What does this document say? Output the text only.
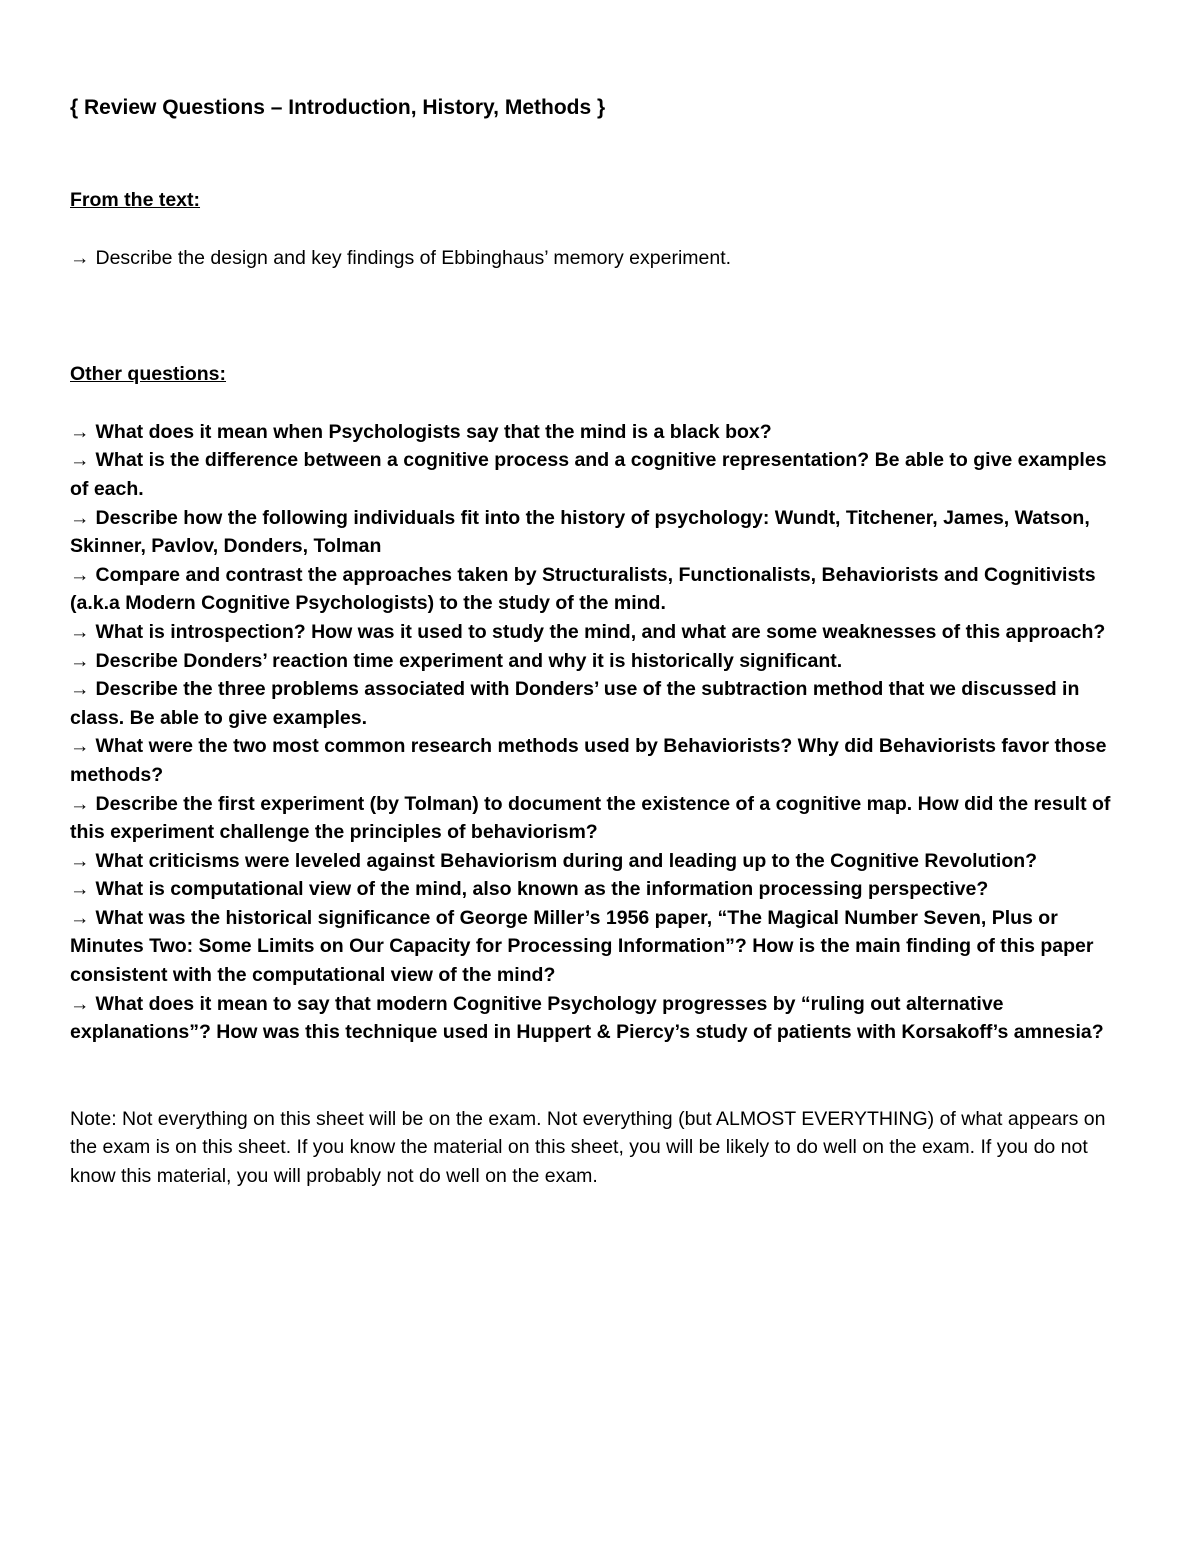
{ Review Questions – Introduction, History, Methods }
From the text:
→ Describe the design and key findings of Ebbinghaus’ memory experiment.
Other questions:
→ What does it mean when Psychologists say that the mind is a black box?
→ What is the difference between a cognitive process and a cognitive representation? Be able to give examples of each.
→ Describe how the following individuals fit into the history of psychology: Wundt, Titchener, James, Watson, Skinner, Pavlov, Donders, Tolman
→ Compare and contrast the approaches taken by Structuralists, Functionalists, Behaviorists and Cognitivists (a.k.a Modern Cognitive Psychologists) to the study of the mind.
→ What is introspection? How was it used to study the mind, and what are some weaknesses of this approach?
→ Describe Donders’ reaction time experiment and why it is historically significant.
→ Describe the three problems associated with Donders’ use of the subtraction method that we discussed in class. Be able to give examples.
→ What were the two most common research methods used by Behaviorists? Why did Behaviorists favor those methods?
→ Describe the first experiment (by Tolman) to document the existence of a cognitive map. How did the result of this experiment challenge the principles of behaviorism?
→ What criticisms were leveled against Behaviorism during and leading up to the Cognitive Revolution?
→ What is computational view of the mind, also known as the information processing perspective?
→ What was the historical significance of George Miller’s 1956 paper, “The Magical Number Seven, Plus or Minutes Two: Some Limits on Our Capacity for Processing Information”? How is the main finding of this paper consistent with the computational view of the mind?
→ What does it mean to say that modern Cognitive Psychology progresses by “ruling out alternative explanations”? How was this technique used in Huppert & Piercy’s study of patients with Korsakoff’s amnesia?

Note: Not everything on this sheet will be on the exam. Not everything (but ALMOST EVERYTHING) of what appears on the exam is on this sheet. If you know the material on this sheet, you will be likely to do well on the exam. If you do not know this material, you will probably not do well on the exam.
